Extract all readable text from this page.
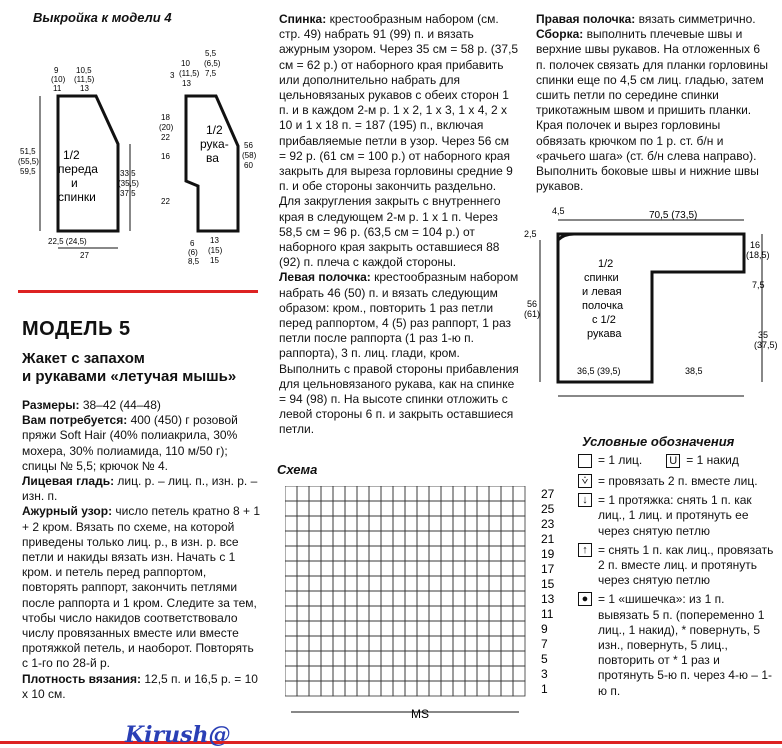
Выкройка к модели 4
1/2
переда
и
спинки
9
(10)
11
10,5
(11,5)
13
51,5
(55,5)
59,5	33,5
(35,5)
37,5
22,5 (24,5)
27
1/2
рука-
ва
3
10
(11,5)
13
5,5
(6,5)
7,5
18
(20)
22
16
22
56
(58)
60
6
(6)
8,5
13
(15)
15
МОДЕЛЬ 5
Жакет с запахом
и рукавами «летучая мышь»
Размеры: 38–42 (44–48)
Вам потребуется: 400 (450) г розовой пряжи Soft Hair (40% полиакрила, 30% мохера, 30% полиамида, 110 м/50 г); спицы № 5,5; крючок № 4.
Лицевая гладь: лиц. р. – лиц. п., изн. р. – изн. п.
Ажурный узор: число петель кратно 8 + 1 + 2 кром. Вязать по схеме, на которой приведены только лиц. р., в изн. р. все петли и накиды вязать изн. Начать с 1 кром. и петель перед раппортом, повторять раппорт, закончить петлями после раппорта и 1 кром. Следите за тем, чтобы число накидов соответствовало числу провязанных вместе или вместе протяжкой петель, и наоборот. Повторять с 1-го по 28-й р.
Плотность вязания: 12,5 п. и 16,5 р. = 10 х 10 см.
Спинка: крестообразным набором (см. стр. 49) набрать 91 (99) п. и вязать ажурным узором. Через 35 см = 58 р. (37,5 см = 62 р.) от наборного края прибавить или дополнительно набрать для цельновязаных рукавов с обеих сторон 1 п. и в каждом 2-м р. 1 х 2, 1 х 3, 1 х 4, 2 х 10 и 1 х 18 п. = 187 (195) п., включая прибавляемые петли в узор. Через 56 см = 92 р. (61 см = 100 р.) от наборного края закрыть для выреза горловины средние 9 п. и обе стороны закончить раздельно. Для закругления закрыть с внутреннего края в следующем 2-м р. 1 х 1 п. Через 58,5 см = 96 р. (63,5 см = 104 р.) от наборного края закрыть оставшиеся 88 (92) п. плеча с каждой стороны.
Левая полочка: крестообразным набором набрать 46 (50) п. и вязать следующим образом: кром., повторить 1 раз петли перед раппортом, 4 (5) раз раппорт, 1 раз петли после раппорта (1 раз 1-ю п. раппорта), 3 п. лиц. глади, кром. Выполнить с правой стороны прибавления для цельновязаного рукава, как на спинке = 94 (98) п. На высоте спинки отложить с левой стороны 6 п. и закрыть оставшиеся петли.
Правая полочка: вязать симметрично.
Сборка: выполнить плечевые швы и верхние швы рукавов. На отложенных 6 п. полочек связать для планки горловины спинки еще по 4,5 см лиц. гладью, затем сшить петли по середине спинки трикотажным швом и пришить планки. Края полочек и вырез горловины обвязать крючком по 1 р. ст. б/н и «рачьего шага» (ст. б/н слева направо). Выполнить боковые швы и нижние швы рукавов.
4,5	70,5 (73,5)
2,5
16
(18,5)
7,5
56
(61)
35
(37,5)
36,5 (39,5)	38,5
1/2
спинки
и левая
полочка
с 1/2
рукава
Схема
27
25
23
21
19
17
15
13
11
9
7
5
3
1
MS
Условные обозначения
= 1 лиц. U = 1 накид
⩒ = провязать 2 п. вместе лиц.
↓ = 1 протяжка: снять 1 п. как лиц., 1 лиц. и протянуть ее через снятую петлю
↑ = снять 1 п. как лиц., провязать 2 п. вместе лиц. и протянуть через снятую петлю
● = 1 «шишечка»: из 1 п. вывязать 5 п. (попеременно 1 лиц., 1 накид), * повернуть, 5 изн., повернуть, 5 лиц., повторить от * 1 раз и протянуть 5-ю п. через 4-ю – 1-ю п.
Kirush@
